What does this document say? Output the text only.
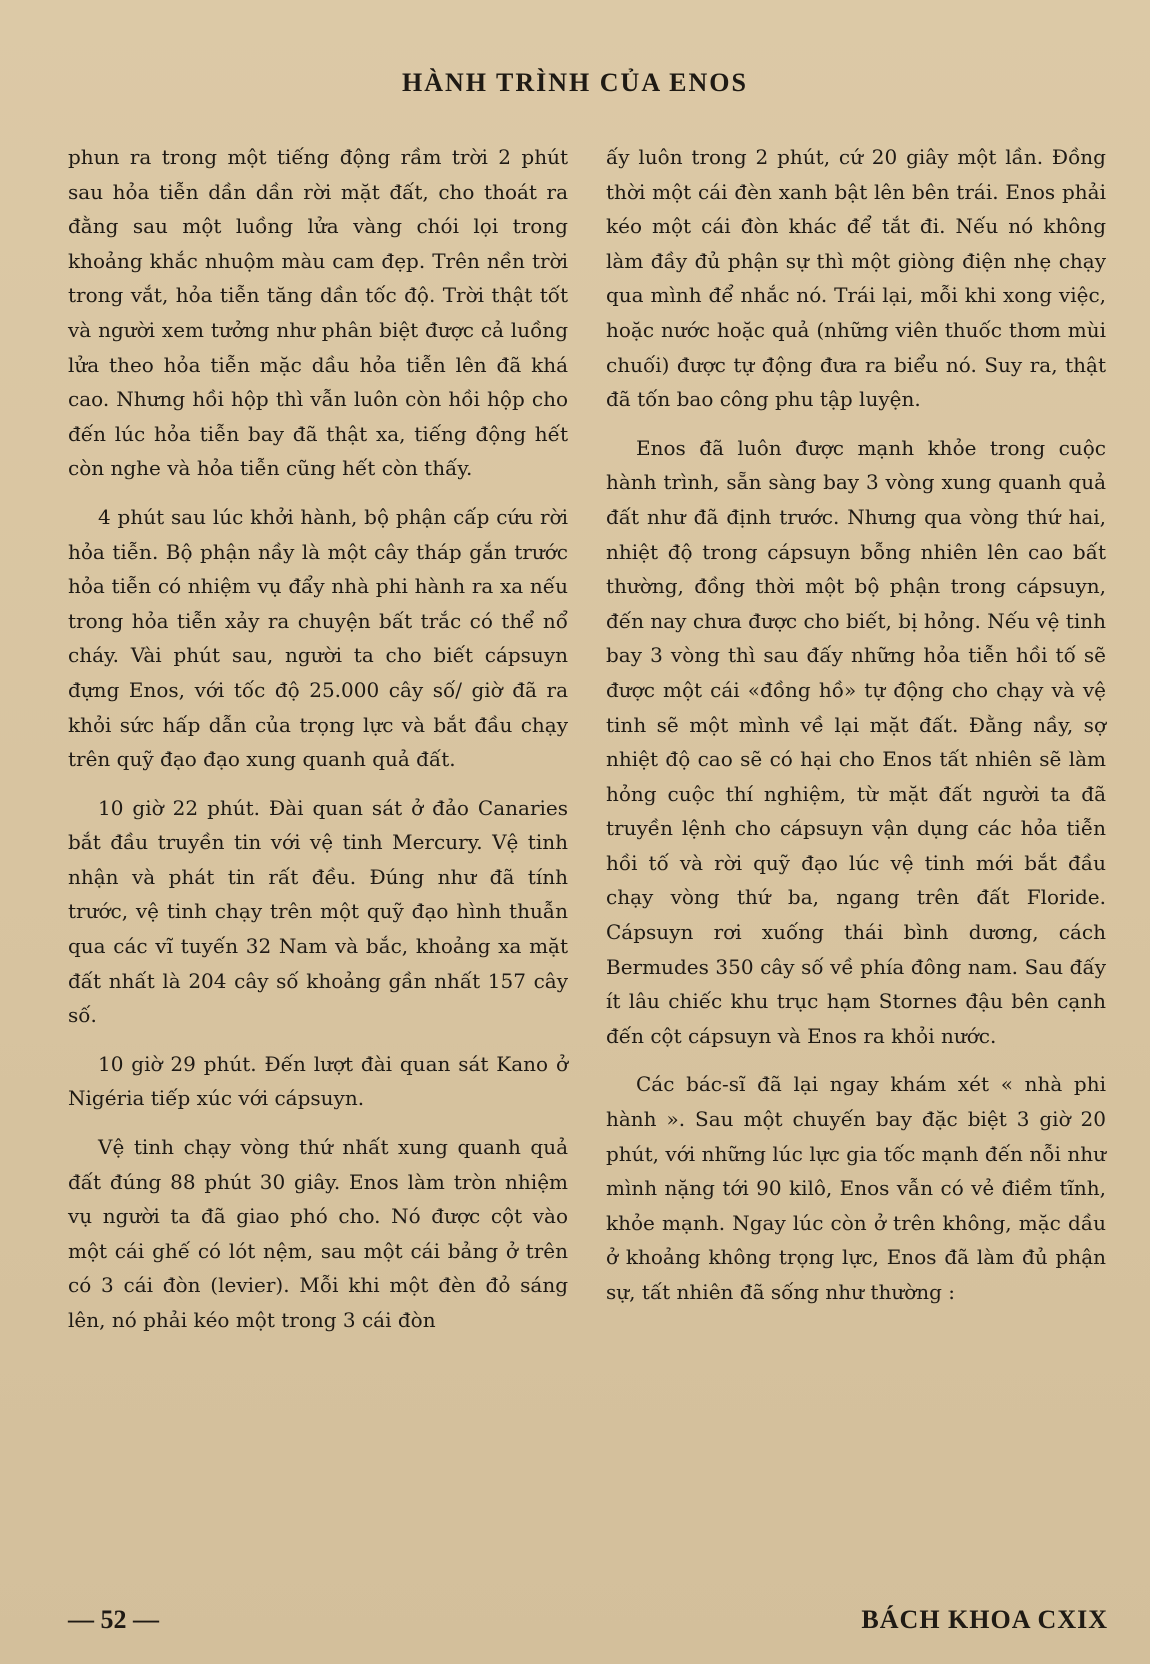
HÀNH TRÌNH CỦA ENOS

phun ra trong một tiếng động rầm trời 2 phút sau hỏa tiễn dần dần rời mặt đất, cho thoát ra đằng sau một luồng lửa vàng chói lọi trong khoảng khắc nhuộm màu cam đẹp. Trên nền trời trong vắt, hỏa tiễn tăng dần tốc độ. Trời thật tốt và người xem tưởng như phân biệt được cả luồng lửa theo hỏa tiễn mặc dầu hỏa tiễn lên đã khá cao. Nhưng hồi hộp thì vẫn luôn còn hồi hộp cho đến lúc hỏa tiễn bay đã thật xa, tiếng động hết còn nghe và hỏa tiễn cũng hết còn thấy.

4 phút sau lúc khởi hành, bộ phận cấp cứu rời hỏa tiễn. Bộ phận nầy là một cây tháp gắn trước hỏa tiễn có nhiệm vụ đẩy nhà phi hành ra xa nếu trong hỏa tiễn xảy ra chuyện bất trắc có thể nổ cháy. Vài phút sau, người ta cho biết cápsuyn đựng Enos, với tốc độ 25.000 cây số/ giờ đã ra khỏi sức hấp dẫn của trọng lực và bắt đầu chạy trên quỹ đạo đạo xung quanh quả đất.

10 giờ 22 phút. Đài quan sát ở đảo Canaries bắt đầu truyền tin với vệ tinh Mercury. Vệ tinh nhận và phát tin rất đều. Đúng như đã tính trước, vệ tinh chạy trên một quỹ đạo hình thuẫn qua các vĩ tuyến 32 Nam và bắc, khoảng xa mặt đất nhất là 204 cây số khoảng gần nhất 157 cây số.

10 giờ 29 phút. Đến lượt đài quan sát Kano ở Nigéria tiếp xúc với cápsuyn.

Vệ tinh chạy vòng thứ nhất xung quanh quả đất đúng 88 phút 30 giây. Enos làm tròn nhiệm vụ người ta đã giao phó cho. Nó được cột vào một cái ghế có lót nệm, sau một cái bảng ở trên có 3 cái đòn (levier). Mỗi khi một đèn đỏ sáng lên, nó phải kéo một trong 3 cái đòn

ấy luôn trong 2 phút, cứ 20 giây một lần. Đồng thời một cái đèn xanh bật lên bên trái. Enos phải kéo một cái đòn khác để tắt đi. Nếu nó không làm đầy đủ phận sự thì một giòng điện nhẹ chạy qua mình để nhắc nó. Trái lại, mỗi khi xong việc, hoặc nước hoặc quả (những viên thuốc thơm mùi chuối) được tự động đưa ra biểu nó. Suy ra, thật đã tốn bao công phu tập luyện.

Enos đã luôn được mạnh khỏe trong cuộc hành trình, sẵn sàng bay 3 vòng xung quanh quả đất như đã định trước. Nhưng qua vòng thứ hai, nhiệt độ trong cápsuyn bỗng nhiên lên cao bất thường, đồng thời một bộ phận trong cápsuyn, đến nay chưa được cho biết, bị hỏng. Nếu vệ tinh bay 3 vòng thì sau đấy những hỏa tiễn hồi tố sẽ được một cái «đồng hồ» tự động cho chạy và vệ tinh sẽ một mình về lại mặt đất. Đằng nầy, sợ nhiệt độ cao sẽ có hại cho Enos tất nhiên sẽ làm hỏng cuộc thí nghiệm, từ mặt đất người ta đã truyền lệnh cho cápsuyn vận dụng các hỏa tiễn hồi tố và rời quỹ đạo lúc vệ tinh mới bắt đầu chạy vòng thứ ba, ngang trên đất Floride. Cápsuyn rơi xuống thái bình dương, cách Bermudes 350 cây số về phía đông nam. Sau đấy ít lâu chiếc khu trục hạm Stornes đậu bên cạnh đến cột cápsuyn và Enos ra khỏi nước.

Các bác-sĩ đã lại ngay khám xét « nhà phi hành ». Sau một chuyến bay đặc biệt 3 giờ 20 phút, với những lúc lực gia tốc mạnh đến nỗi như mình nặng tới 90 kilô, Enos vẫn có vẻ điềm tĩnh, khỏe mạnh. Ngay lúc còn ở trên không, mặc dầu ở khoảng không trọng lực, Enos đã làm đủ phận sự, tất nhiên đã sống như thường :

— 52 —	BÁCH KHOA CXIX
